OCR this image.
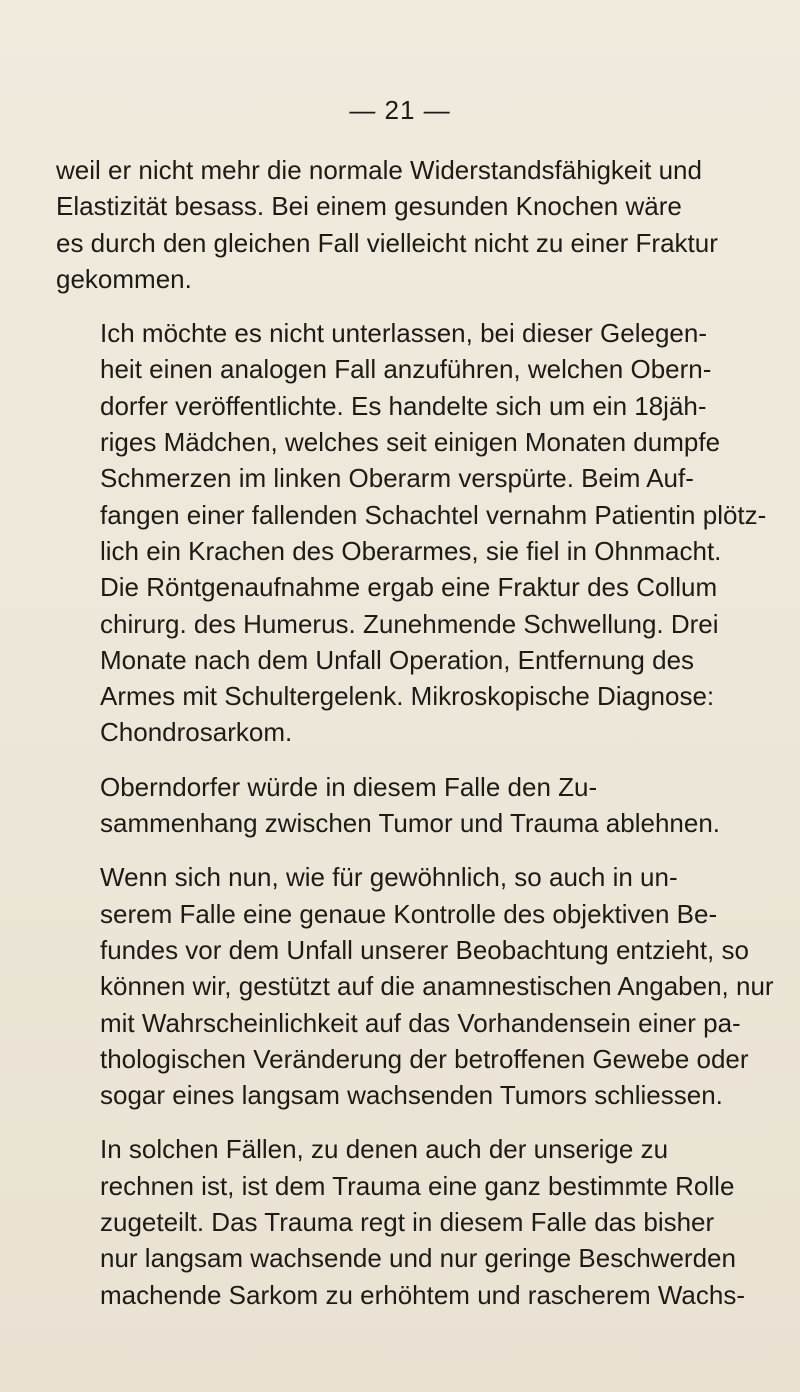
— 21 —

weil er nicht mehr die normale Widerstandsfähigkeit und
Elastizität besass. Bei einem gesunden Knochen wäre
es durch den gleichen Fall vielleicht nicht zu einer Fraktur
gekommen.

Ich möchte es nicht unterlassen, bei dieser Gelegen-
heit einen analogen Fall anzuführen, welchen Obern-
dorfer veröffentlichte. Es handelte sich um ein 18jäh-
riges Mädchen, welches seit einigen Monaten dumpfe
Schmerzen im linken Oberarm verspürte. Beim Auf-
fangen einer fallenden Schachtel vernahm Patientin plötz-
lich ein Krachen des Oberarmes, sie fiel in Ohnmacht.
Die Röntgenaufnahme ergab eine Fraktur des Collum
chirurg. des Humerus. Zunehmende Schwellung. Drei
Monate nach dem Unfall Operation, Entfernung des
Armes mit Schultergelenk. Mikroskopische Diagnose:
Chondrosarkom.

Oberndorfer würde in diesem Falle den Zu-
sammenhang zwischen Tumor und Trauma ablehnen.

Wenn sich nun, wie für gewöhnlich, so auch in un-
serem Falle eine genaue Kontrolle des objektiven Be-
fundes vor dem Unfall unserer Beobachtung entzieht, so
können wir, gestützt auf die anamnestischen Angaben, nur
mit Wahrscheinlichkeit auf das Vorhandensein einer pa-
thologischen Veränderung der betroffenen Gewebe oder
sogar eines langsam wachsenden Tumors schliessen.

In solchen Fällen, zu denen auch der unserige zu
rechnen ist, ist dem Trauma eine ganz bestimmte Rolle
zugeteilt. Das Trauma regt in diesem Falle das bisher
nur langsam wachsende und nur geringe Beschwerden
machende Sarkom zu erhöhtem und rascherem Wachs-
